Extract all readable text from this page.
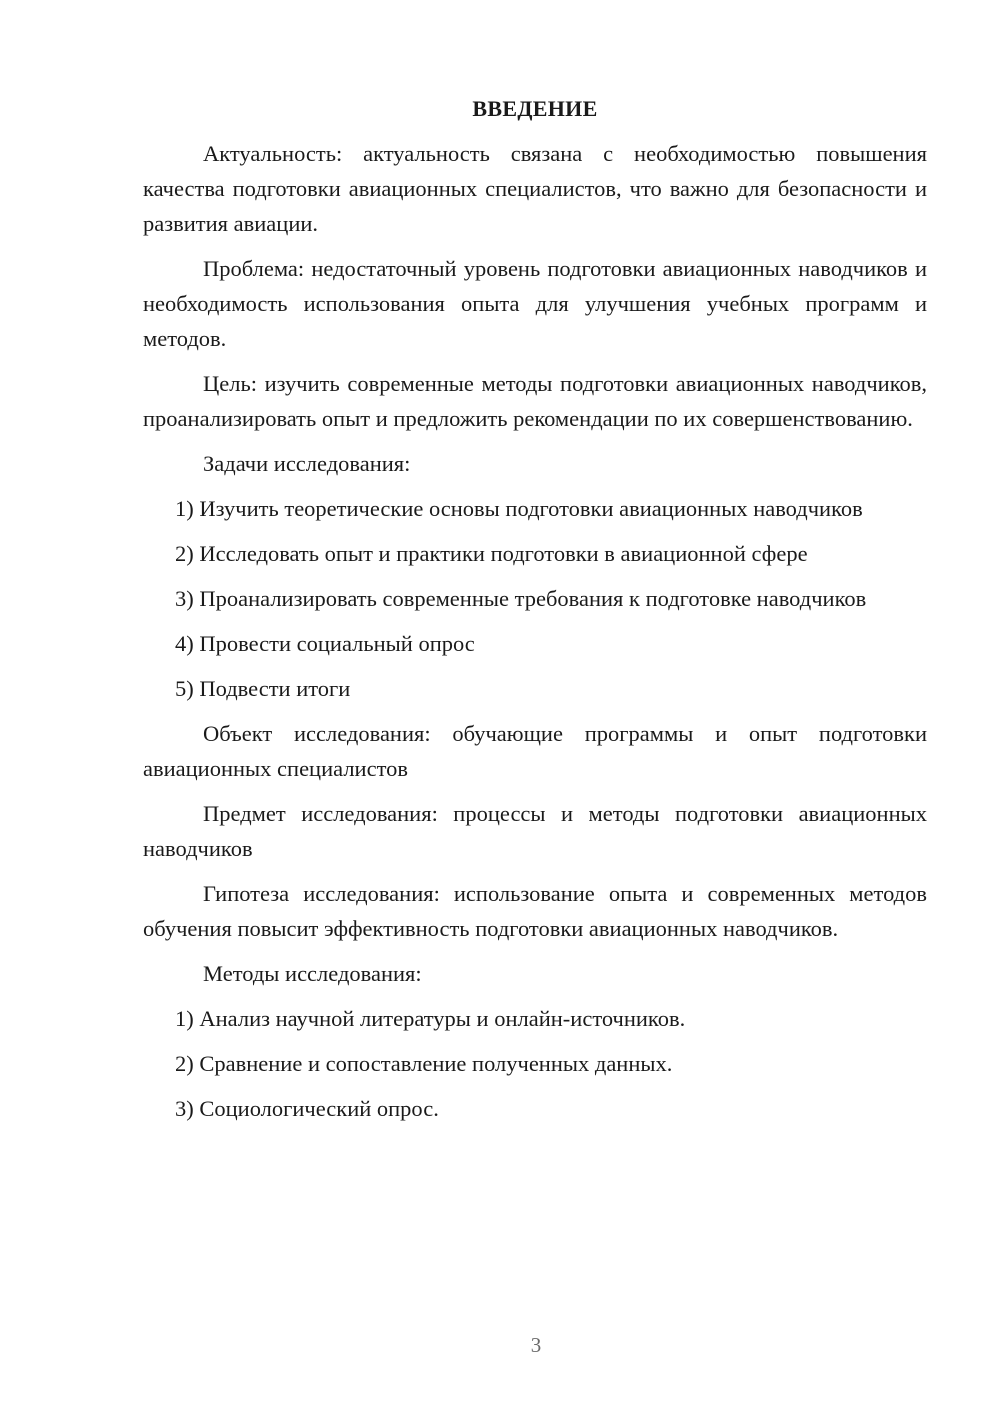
ВВЕДЕНИЕ

Актуальность: актуальность связана с необходимостью повышения качества подготовки авиационных специалистов, что важно для безопасности и развития авиации.

Проблема: недостаточный уровень подготовки авиационных наводчиков и необходимость использования опыта для улучшения учебных программ и методов.

Цель: изучить современные методы подготовки авиационных наводчиков, проанализировать опыт и предложить рекомендации по их совершенствованию.

Задачи исследования:

1) Изучить теоретические основы подготовки авиационных наводчиков

2) Исследовать опыт и практики подготовки в авиационной сфере

3) Проанализировать современные требования к подготовке наводчиков

4) Провести социальный опрос

5) Подвести итоги

Объект исследования: обучающие программы и опыт подготовки авиационных специалистов

Предмет исследования: процессы и методы подготовки авиационных наводчиков

Гипотеза исследования: использование опыта и современных методов обучения повысит эффективность подготовки авиационных наводчиков.

Методы исследования:

1) Анализ научной литературы и онлайн-источников.

2) Сравнение и сопоставление полученных данных.

3) Социологический опрос.

3
